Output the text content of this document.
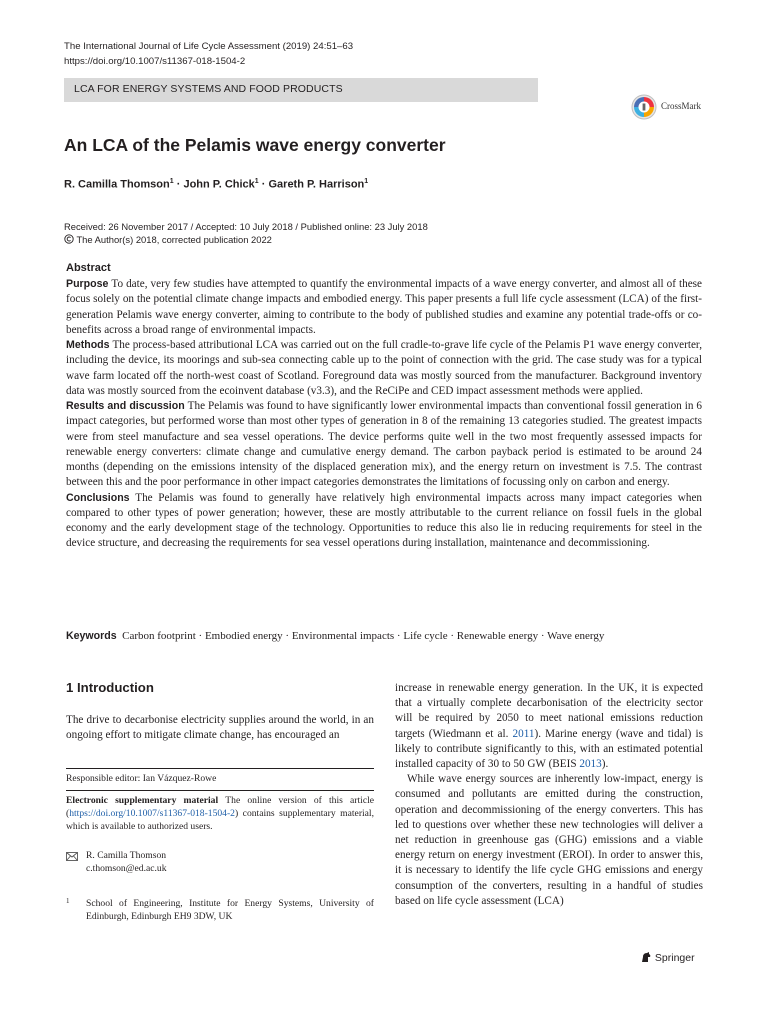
The International Journal of Life Cycle Assessment (2019) 24:51–63
https://doi.org/10.1007/s11367-018-1504-2
LCA FOR ENERGY SYSTEMS AND FOOD PRODUCTS
CrossMark
An LCA of the Pelamis wave energy converter
R. Camilla Thomson$^1$ · John P. Chick$^1$ · Gareth P. Harrison$^1$
Received: 26 November 2017 / Accepted: 10 July 2018 / Published online: 23 July 2018
The Author(s) 2018, corrected publication 2022
Abstract
Purpose To date, very few studies have attempted to quantify the environmental impacts of a wave energy converter, and almost all of these focus solely on the potential climate change impacts and embodied energy. This paper presents a full life cycle assessment (LCA) of the first-generation Pelamis wave energy converter, aiming to contribute to the body of published studies and examine any potential trade-offs or co-benefits across a broad range of environmental impacts.
Methods The process-based attributional LCA was carried out on the full cradle-to-grave life cycle of the Pelamis P1 wave energy converter, including the device, its moorings and sub-sea connecting cable up to the point of connection with the grid. The case study was for a typical wave farm located off the north-west coast of Scotland. Foreground data was mostly sourced from the manufacturer. Background inventory data was mostly sourced from the ecoinvent database (v3.3), and the ReCiPe and CED impact assessment methods were applied.
Results and discussion The Pelamis was found to have significantly lower environmental impacts than conventional fossil generation in 6 impact categories, but performed worse than most other types of generation in 8 of the remaining 13 categories studied. The greatest impacts were from steel manufacture and sea vessel operations. The device performs quite well in the two most frequently assessed impacts for renewable energy converters: climate change and cumulative energy demand. The carbon payback period is estimated to be around 24 months (depending on the emissions intensity of the displaced generation mix), and the energy return on investment is 7.5. The contrast between this and the poor performance in other impact categories demonstrates the limitations of focussing only on carbon and energy.
Conclusions The Pelamis was found to generally have relatively high environmental impacts across many impact categories when compared to other types of power generation; however, these are mostly attributable to the current reliance on fossil fuels in the global economy and the early development stage of the technology. Opportunities to reduce this also lie in reducing requirements for steel in the device structure, and decreasing the requirements for sea vessel operations during installation, maintenance and decommissioning.
Keywords Carbon footprint · Embodied energy · Environmental impacts · Life cycle · Renewable energy · Wave energy
1 Introduction
The drive to decarbonise electricity supplies around the world, in an ongoing effort to mitigate climate change, has encouraged an
Responsible editor: Ian Vázquez-Rowe
Electronic supplementary material The online version of this article (https://doi.org/10.1007/s11367-018-1504-2) contains supplementary material, which is available to authorized users.
R. Camilla Thomson
c.thomson@ed.ac.uk
1 School of Engineering, Institute for Energy Systems, University of Edinburgh, Edinburgh EH9 3DW, UK
increase in renewable energy generation. In the UK, it is expected that a virtually complete decarbonisation of the electricity sector will be required by 2050 to meet national emissions reduction targets (Wiedmann et al. 2011). Marine energy (wave and tidal) is likely to contribute significantly to this, with an estimated potential installed capacity of 30 to 50 GW (BEIS 2013).
While wave energy sources are inherently low-impact, energy is consumed and pollutants are emitted during the construction, operation and decommissioning of the energy converters. This has led to questions over whether these new technologies will deliver a net reduction in greenhouse gas (GHG) emissions and a viable energy return on energy investment (EROI). In order to answer this, it is necessary to identify the life cycle GHG emissions and energy consumption of the converters, resulting in a handful of studies based on life cycle assessment (LCA)
Springer
